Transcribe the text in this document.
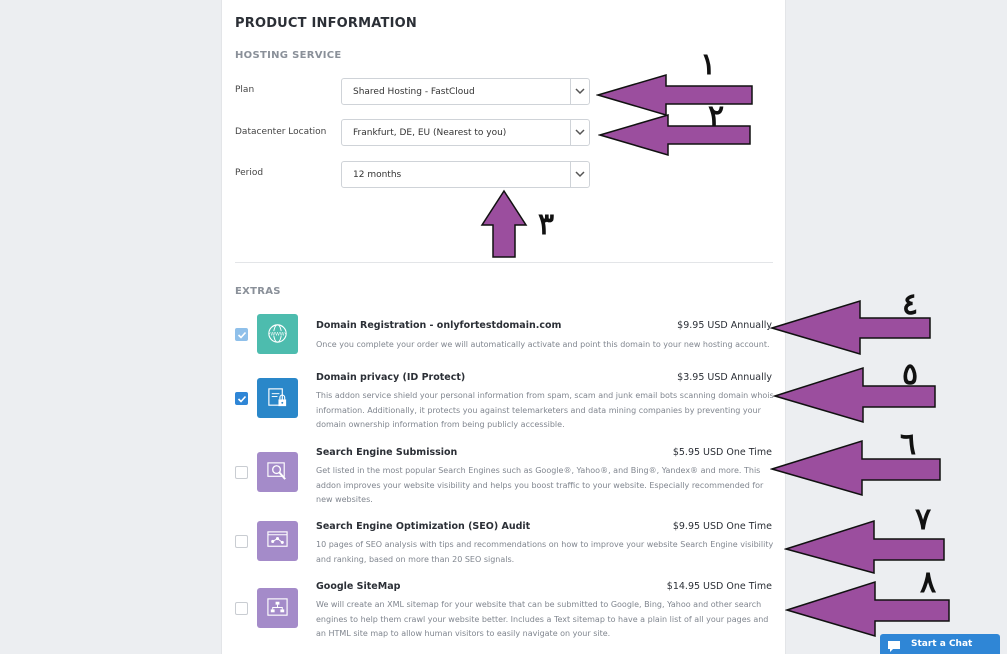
PRODUCT INFORMATION
HOSTING SERVICE
Plan	Shared Hosting - FastCloud
Datacenter Location	Frankfurt, DE, EU (Nearest to you)
Period	12 months
EXTRAS
WWW
Domain Registration - onlyfortestdomain.com	$9.95 USD Annually
Once you complete your order we will automatically activate and point this domain to your new hosting account.
Domain privacy (ID Protect)	$3.95 USD Annually
This addon service shield your personal information from spam, scam and junk email bots scanning domain whois information. Additionally, it protects you against telemarketers and data mining companies by preventing your domain ownership information from being publicly accessible.
Search Engine Submission	$5.95 USD One Time
Get listed in the most popular Search Engines such as Google®, Yahoo®, and Bing®, Yandex® and more. This addon improves your website visibility and helps you boost traffic to your website. Especially recommended for new websites.
Search Engine Optimization (SEO) Audit	$9.95 USD One Time
10 pages of SEO analysis with tips and recommendations on how to improve your website Search Engine visibility and ranking, based on more than 20 SEO signals.
Google SiteMap	$14.95 USD One Time
We will create an XML sitemap for your website that can be submitted to Google, Bing, Yahoo and other search engines to help them crawl your website better. Includes a Text sitemap to have a plain list of all your pages and an HTML site map to allow human visitors to easily navigate on your site.
١
٢
٣
٤
٥
٦
٧
٨
Start a Chat
